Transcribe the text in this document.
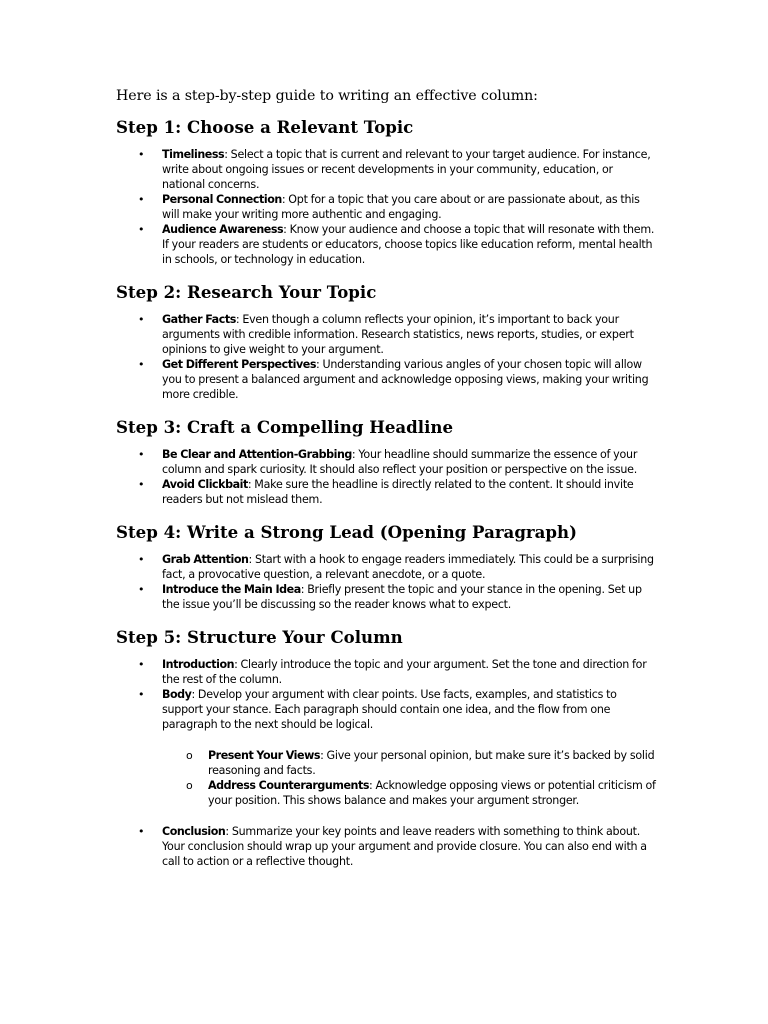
Here is a step-by-step guide to writing an effective column:

Step 1: Choose a Relevant Topic
• Timeliness: Select a topic that is current and relevant to your target audience. For instance, write about ongoing issues or recent developments in your community, education, or national concerns.
• Personal Connection: Opt for a topic that you care about or are passionate about, as this will make your writing more authentic and engaging.
• Audience Awareness: Know your audience and choose a topic that will resonate with them. If your readers are students or educators, choose topics like education reform, mental health in schools, or technology in education.
Step 2: Research Your Topic
• Gather Facts: Even though a column reflects your opinion, it’s important to back your arguments with credible information. Research statistics, news reports, studies, or expert opinions to give weight to your argument.
• Get Different Perspectives: Understanding various angles of your chosen topic will allow you to present a balanced argument and acknowledge opposing views, making your writing more credible.
Step 3: Craft a Compelling Headline
• Be Clear and Attention-Grabbing: Your headline should summarize the essence of your column and spark curiosity. It should also reflect your position or perspective on the issue.
• Avoid Clickbait: Make sure the headline is directly related to the content. It should invite readers but not mislead them.
Step 4: Write a Strong Lead (Opening Paragraph)
• Grab Attention: Start with a hook to engage readers immediately. This could be a surprising fact, a provocative question, a relevant anecdote, or a quote.
• Introduce the Main Idea: Briefly present the topic and your stance in the opening. Set up the issue you’ll be discussing so the reader knows what to expect.
Step 5: Structure Your Column
• Introduction: Clearly introduce the topic and your argument. Set the tone and direction for the rest of the column.
• Body: Develop your argument with clear points. Use facts, examples, and statistics to support your stance. Each paragraph should contain one idea, and the flow from one paragraph to the next should be logical.
o Present Your Views: Give your personal opinion, but make sure it’s backed by solid reasoning and facts.
o Address Counterarguments: Acknowledge opposing views or potential criticism of your position. This shows balance and makes your argument stronger.
• Conclusion: Summarize your key points and leave readers with something to think about. Your conclusion should wrap up your argument and provide closure. You can also end with a call to action or a reflective thought.
